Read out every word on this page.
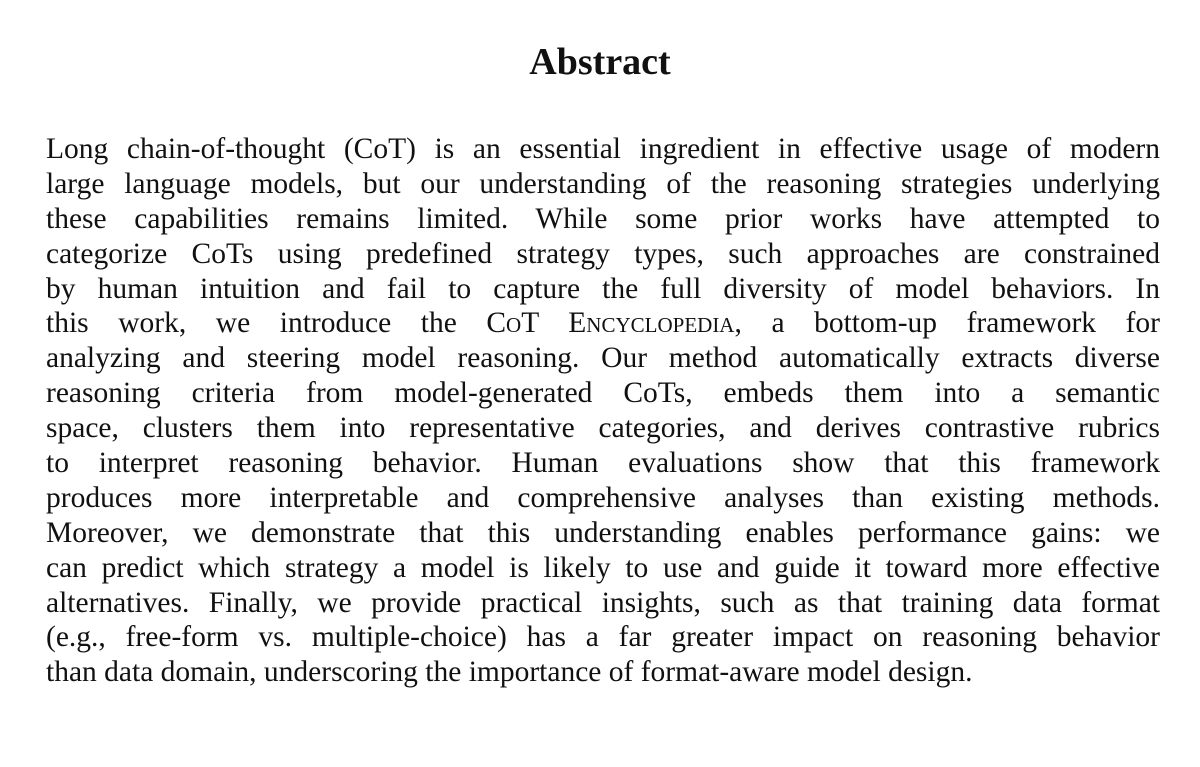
Abstract
Long chain-of-thought (CoT) is an essential ingredient in effective usage of modern
large language models, but our understanding of the reasoning strategies underlying
these capabilities remains limited. While some prior works have attempted to
categorize CoTs using predefined strategy types, such approaches are constrained
by human intuition and fail to capture the full diversity of model behaviors. In
this work, we introduce the CoT Encyclopedia, a bottom-up framework for
analyzing and steering model reasoning. Our method automatically extracts diverse
reasoning criteria from model-generated CoTs, embeds them into a semantic
space, clusters them into representative categories, and derives contrastive rubrics
to interpret reasoning behavior. Human evaluations show that this framework
produces more interpretable and comprehensive analyses than existing methods.
Moreover, we demonstrate that this understanding enables performance gains: we
can predict which strategy a model is likely to use and guide it toward more effective
alternatives. Finally, we provide practical insights, such as that training data format
(e.g., free-form vs. multiple-choice) has a far greater impact on reasoning behavior
than data domain, underscoring the importance of format-aware model design.
